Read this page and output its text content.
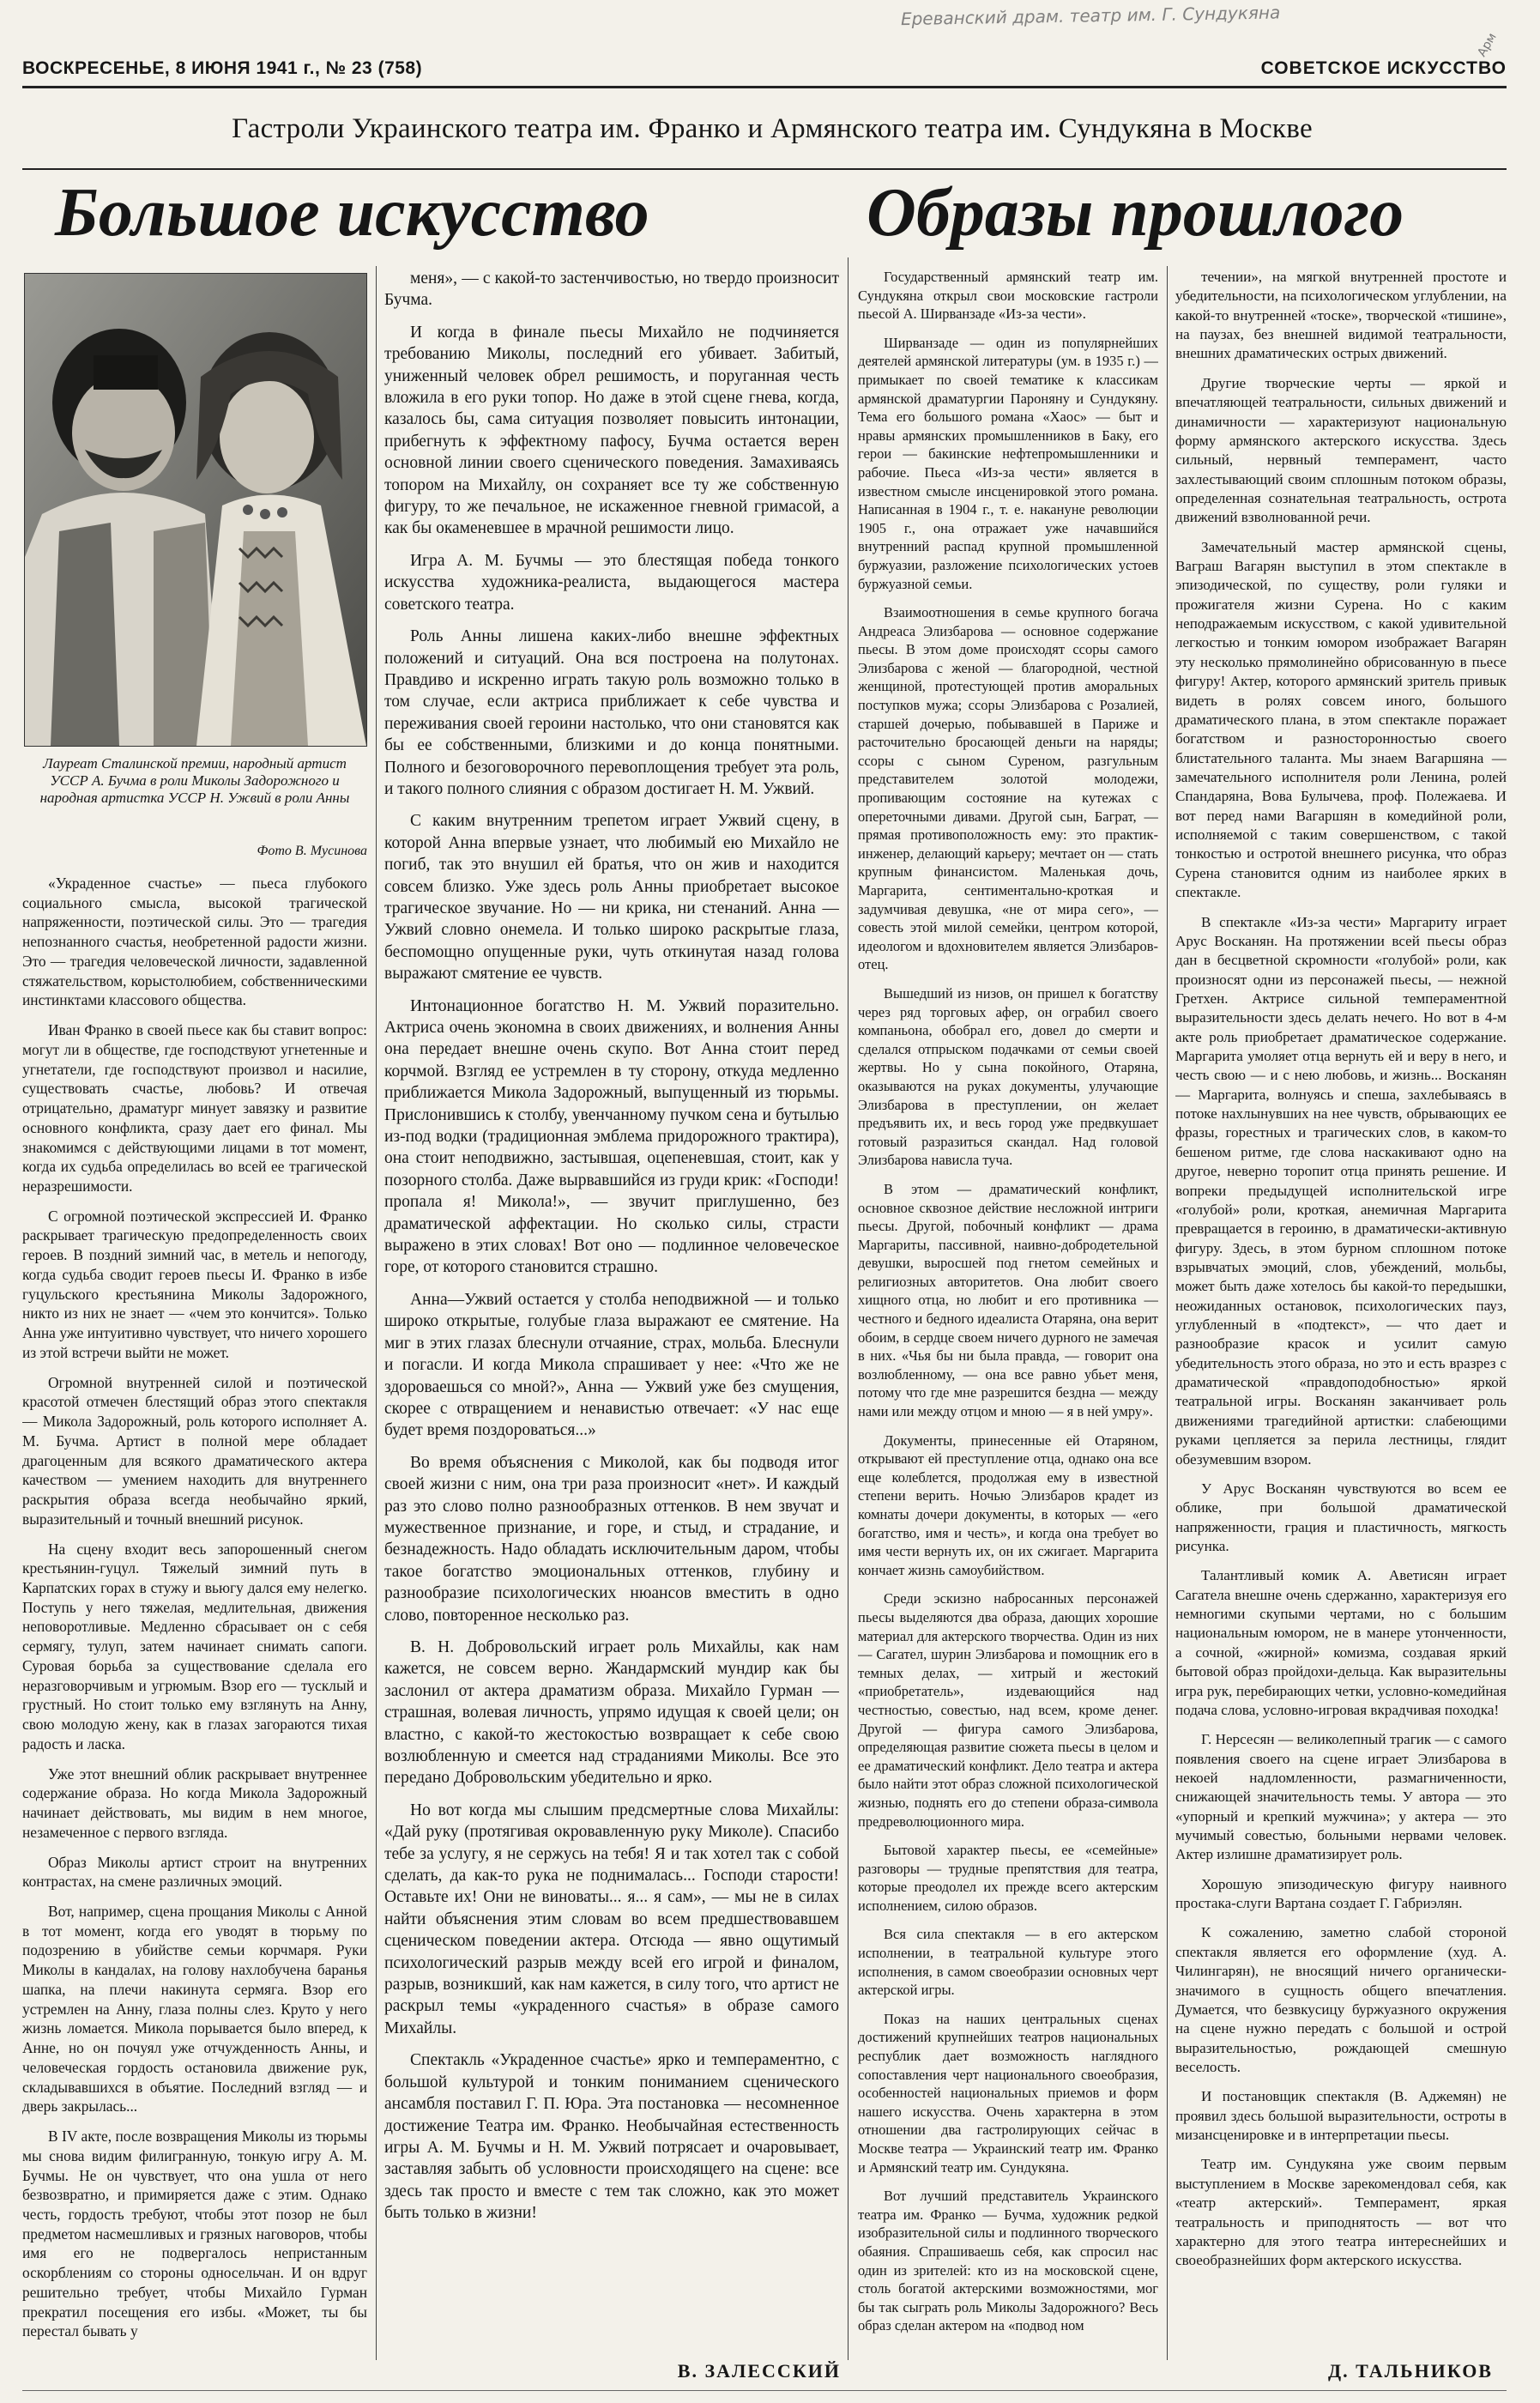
Ереванский драм. театр им. Г. Сундукяна
Арм
ВОСКРЕСЕНЬЕ, 8 ИЮНЯ 1941 г., № 23 (758)	СОВЕТСКОЕ ИСКУССТВО
Гастроли Украинского театра им. Франко и Армянского театра им. Сундукяна в Москве
Большое искусство	Образы прошлого
Лауреат Сталинской премии, народный артист УССР А. Бучма в роли Миколы Задорожного и народная артистка УССР Н. Ужвий в роли Анны
Фото В. Мусинова

«Украденное счастье» — пьеса глубокого социального смысла, высокой трагической напряженности, поэтической силы. Это — трагедия непознанного счастья, необретенной радости жизни. Это — трагедия человеческой личности, задавленной стяжательством, корыстолюбием, собственническими инстинктами классового общества.

Иван Франко в своей пьесе как бы ставит вопрос: могут ли в обществе, где господствуют угнетенные и угнетатели, где господствуют произвол и насилие, существовать счастье, любовь? И отвечая отрицательно, драматург минует завязку и развитие основного конфликта, сразу дает его финал. Мы знакомимся с действующими лицами в тот момент, когда их судьба определилась во всей ее трагической неразрешимости.

С огромной поэтической экспрессией И. Франко раскрывает трагическую предопределенность своих героев. В поздний зимний час, в метель и непогоду, когда судьба сводит героев пьесы И. Франко в избе гуцульского крестьянина Миколы Задорожного, никто из них не знает — «чем это кончится». Только Анна уже интуитивно чувствует, что ничего хорошего из этой встречи выйти не может.

Огромной внутренней силой и поэтической красотой отмечен блестящий образ этого спектакля — Микола Задорожный, роль которого исполняет А. М. Бучма. Артист в полной мере обладает драгоценным для всякого драматического актера качеством — умением находить для внутреннего раскрытия образа всегда необычайно яркий, выразительный и точный внешний рисунок.

На сцену входит весь запорошенный снегом крестьянин-гуцул. Тяжелый зимний путь в Карпатских горах в стужу и вьюгу дался ему нелегко. Поступь у него тяжелая, медлительная, движения неповоротливые. Медленно сбрасывает он с себя сермягу, тулуп, затем начинает снимать сапоги. Суровая борьба за существование сделала его неразговорчивым и угрюмым. Взор его — тусклый и грустный. Но стоит только ему взглянуть на Анну, свою молодую жену, как в глазах загораются тихая радость и ласка.

Уже этот внешний облик раскрывает внутреннее содержание образа. Но когда Микола Задорожный начинает действовать, мы видим в нем многое, незамеченное с первого взгляда.

Образ Миколы артист строит на внутренних контрастах, на смене различных эмоций.

Вот, например, сцена прощания Миколы с Анной в тот момент, когда его уводят в тюрьму по подозрению в убийстве семьи корчмаря. Руки Миколы в кандалах, на голову нахлобучена баранья шапка, на плечи накинута сермяга. Взор его устремлен на Анну, глаза полны слез. Круто у него жизнь ломается. Микола порывается было вперед, к Анне, но он почуял уже отчужденность Анны, и человеческая гордость остановила движение рук, складывавшихся в объятие. Последний взгляд — и дверь закрылась...

В IV акте, после возвращения Миколы из тюрьмы мы снова видим филигранную, тонкую игру А. М. Бучмы. Не он чувствует, что она ушла от него безвозвратно, и примиряется даже с этим. Однако честь, гордость требуют, чтобы этот позор не был предметом насмешливых и грязных наговоров, чтобы имя его не подвергалось непристанным оскорблениям со стороны односельчан. И он вдруг решительно требует, чтобы Михайло Гурман прекратил посещения его избы. «Может, ты бы перестал бывать у

меня», — с какой-то застенчивостью, но твердо произносит Бучма.

И когда в финале пьесы Михайло не подчиняется требованию Миколы, последний его убивает. Забитый, униженный человек обрел решимость, и поруганная честь вложила в его руки топор. Но даже в этой сцене гнева, когда, казалось бы, сама ситуация позволяет повысить интонации, прибегнуть к эффектному пафосу, Бучма остается верен основной линии своего сценического поведения. Замахиваясь топором на Михайлу, он сохраняет все ту же собственную фигуру, то же печальное, не искаженное гневной гримасой, а как бы окаменевшее в мрачной решимости лицо.

Игра А. М. Бучмы — это блестящая победа тонкого искусства художника-реалиста, выдающегося мастера советского театра.

Роль Анны лишена каких-либо внешне эффектных положений и ситуаций. Она вся построена на полутонах. Правдиво и искренно играть такую роль возможно только в том случае, если актриса приближает к себе чувства и переживания своей героини настолько, что они становятся как бы ее собственными, близкими и до конца понятными. Полного и безоговорочного перевоплощения требует эта роль, и такого полного слияния с образом достигает Н. М. Ужвий.

С каким внутренним трепетом играет Ужвий сцену, в которой Анна впервые узнает, что любимый ею Михайло не погиб, так это внушил ей братья, что он жив и находится совсем близко. Уже здесь роль Анны приобретает высокое трагическое звучание. Но — ни крика, ни стенаний. Анна — Ужвий словно онемела. И только широко раскрытые глаза, беспомощно опущенные руки, чуть откинутая назад голова выражают смятение ее чувств.

Интонационное богатство Н. М. Ужвий поразительно. Актриса очень экономна в своих движениях, и волнения Анны она передает внешне очень скупо. Вот Анна стоит перед корчмой. Взгляд ее устремлен в ту сторону, откуда медленно приближается Микола Задорожный, выпущенный из тюрьмы. Прислонившись к столбу, увенчанному пучком сена и бутылью из-под водки (традиционная эмблема придорожного трактира), она стоит неподвижно, застывшая, оцепеневшая, стоит, как у позорного столба. Даже вырвавшийся из груди крик: «Господи! пропала я! Микола!», — звучит приглушенно, без драматической аффектации. Но сколько силы, страсти выражено в этих словах! Вот оно — подлинное человеческое горе, от которого становится страшно.

Анна—Ужвий остается у столба неподвижной — и только широко открытые, голубые глаза выражают ее смятение. На миг в этих глазах блеснули отчаяние, страх, мольба. Блеснули и погасли. И когда Микола спрашивает у нее: «Что же не здороваешься со мной?», Анна — Ужвий уже без смущения, скорее с отвращением и ненавистью отвечает: «У нас еще будет время поздороваться...»

Во время объяснения с Миколой, как бы подводя итог своей жизни с ним, она три раза произносит «нет». И каждый раз это слово полно разнообразных оттенков. В нем звучат и мужественное признание, и горе, и стыд, и страдание, и безнадежность. Надо обладать исключительным даром, чтобы такое богатство эмоциональных оттенков, глубину и разнообразие психологических нюансов вместить в одно слово, повторенное несколько раз.

В. Н. Добровольский играет роль Михайлы, как нам кажется, не совсем верно. Жандармский мундир как бы заслонил от актера драматизм образа. Михайло Гурман — страшная, волевая личность, упрямо идущая к своей цели; он властно, с какой-то жестокостью возвращает к себе свою возлюбленную и смеется над страданиями Миколы. Все это передано Добровольским убедительно и ярко.

Но вот когда мы слышим предсмертные слова Михайлы: «Дай руку (протягивая окровавленную руку Миколе). Спасибо тебе за услугу, я не сержусь на тебя! Я и так хотел так с собой сделать, да как-то рука не поднималась... Господи старости! Оставьте их! Они не виноваты... я... я сам», — мы не в силах найти объяснения этим словам во всем предшествовавшем сценическом поведении актера. Отсюда — явно ощутимый психологический разрыв между всей его игрой и финалом, разрыв, возникший, как нам кажется, в силу того, что артист не раскрыл темы «украденного счастья» в образе самого Михайлы.

Спектакль «Украденное счастье» ярко и темпераментно, с большой культурой и тонким пониманием сценического ансамбля поставил Г. П. Юра. Эта постановка — несомненное достижение Театра им. Франко. Необычайная естественность игры А. М. Бучмы и Н. М. Ужвий потрясает и очаровывает, заставляя забыть об условности происходящего на сцене: все здесь так просто и вместе с тем так сложно, как это может быть только в жизни!

Государственный армянский театр им. Сундукяна открыл свои московские гастроли пьесой А. Ширванзаде «Из-за чести».

Ширванзаде — один из популярнейших деятелей армянской литературы (ум. в 1935 г.) — примыкает по своей тематике к классикам армянской драматургии Пароняну и Сундукяну. Тема его большого романа «Хаос» — быт и нравы армянских промышленников в Баку, его герои — бакинские нефтепромышленники и рабочие. Пьеса «Из-за чести» является в известном смысле инсценировкой этого романа. Написанная в 1904 г., т. е. накануне революции 1905 г., она отражает уже начавшийся внутренний распад крупной промышленной буржуазии, разложение психологических устоев буржуазной семьи.

Взаимоотношения в семье крупного богача Андреаса Элизбарова — основное содержание пьесы. В этом доме происходят ссоры самого Элизбарова с женой — благородной, честной женщиной, протестующей против аморальных поступков мужа; ссоры Элизбарова с Розалией, старшей дочерью, побывавшей в Париже и расточительно бросающей деньги на наряды; ссоры с сыном Суреном, разгульным представителем золотой молодежи, пропивающим состояние на кутежах с опереточными дивами. Другой сын, Баграт, — прямая противоположность ему: это практик-инженер, делающий карьеру; мечтает он — стать крупным финансистом. Маленькая дочь, Маргарита, сентиментально-кроткая и задумчивая девушка, «не от мира сего», — совесть этой милой семейки, центром которой, идеологом и вдохновителем является Элизбаров-отец.

Вышедший из низов, он пришел к богатству через ряд торговых афер, он ограбил своего компаньона, обобрал его, довел до смерти и сделался отпрыском подачками от семьи своей жертвы. Но у сына покойного, Отаряна, оказываются на руках документы, улучающие Элизбарова в преступлении, он желает предъявить их, и весь город уже предвкушает готовый разразиться скандал. Над головой Элизбарова нависла туча.

В этом — драматический конфликт, основное сквозное действие несложной интриги пьесы. Другой, побочный конфликт — драма Маргариты, пассивной, наивно-добродетельной девушки, выросшей под гнетом семейных и религиозных авторитетов. Она любит своего хищного отца, но любит и его противника — честного и бедного идеалиста Отаряна, она верит обоим, в сердце своем ничего дурного не замечая в них. «Чья бы ни была правда, — говорит она возлюбленному, — она все равно убьет меня, потому что где мне разрешится бездна — между нами или между отцом и мною — я в ней умру».

Документы, принесенные ей Отаряном, открывают ей преступление отца, однако она все еще колеблется, продолжая ему в известной степени верить. Ночью Элизбаров крадет из комнаты дочери документы, в которых — «его богатство, имя и честь», и когда она требует во имя чести вернуть их, он их сжигает. Маргарита кончает жизнь самоубийством.

Среди эскизно набросанных персонажей пьесы выделяются два образа, дающих хорошие материал для актерского творчества. Один из них — Сагател, шурин Элизбарова и помощник его в темных делах, — хитрый и жестокий «приобретатель», издевающийся над честностью, совестью, над всем, кроме денег. Другой — фигура самого Элизбарова, определяющая развитие сюжета пьесы в целом и ее драматический конфликт. Дело театра и актера было найти этот образ сложной психологической жизнью, поднять его до степени образа-символа предреволюционного мира.

Бытовой характер пьесы, ее «семейные» разговоры — трудные препятствия для театра, которые преодолел их прежде всего актерским исполнением, силою образов.

Вся сила спектакля — в его актерском исполнении, в театральной культуре этого исполнения, в самом своеобразии основных черт актерской игры.

Показ на наших центральных сценах достижений крупнейших театров национальных республик дает возможность наглядного сопоставления черт национального своеобразия, особенностей национальных приемов и форм нашего искусства. Очень характерна в этом отношении два гастролирующих сейчас в Москве театра — Украинский театр им. Франко и Армянский театр им. Сундукяна.

Вот лучший представитель Украинского театра им. Франко — Бучма, художник редкой изобразительной силы и подлинного творческого обаяния. Спрашиваешь себя, как спросил нас один из зрителей: кто из на московской сцене, столь богатой актерскими возможностями, мог бы так сыграть роль Миколы Задорожного? Весь образ сделан актером на «подвод ном

течении», на мягкой внутренней простоте и убедительности, на психологическом углублении, на какой-то внутренней «тоске», творческой «тишине», на паузах, без внешней видимой театральности, внешних драматических острых движений.

Другие творческие черты — яркой и впечатляющей театральности, сильных движений и динамичности — характеризуют национальную форму армянского актерского искусства. Здесь сильный, нервный темперамент, часто захлестывающий своим сплошным потоком образы, определенная сознательная театральность, острота движений взволнованной речи.

Замечательный мастер армянской сцены, Ваграш Вагарян выступил в этом спектакле в эпизодической, по существу, роли гуляки и прожигателя жизни Сурена. Но с каким неподражаемым искусством, с какой удивительной легкостью и тонким юмором изображает Вагарян эту несколько прямолинейно обрисованную в пьесе фигуру! Актер, которого армянский зритель привык видеть в ролях совсем иного, большого драматического плана, в этом спектакле поражает богатством и разносторонностью своего блистательного таланта. Мы знаем Вагаршяна — замечательного исполнителя роли Ленина, ролей Спандаряна, Вова Булычева, проф. Полежаева. И вот перед нами Вагаршян в комедийной роли, исполняемой с таким совершенством, с такой тонкостью и остротой внешнего рисунка, что образ Сурена становится одним из наиболее ярких в спектакле.

В спектакле «Из-за чести» Маргариту играет Арус Восканян. На протяжении всей пьесы образ дан в бесцветной скромности «голубой» роли, как произносят одни из персонажей пьесы, — нежной Гретхен. Актрисе сильной темпераментной выразительности здесь делать нечего. Но вот в 4-м акте роль приобретает драматическое содержание. Маргарита умоляет отца вернуть ей и веру в него, и честь свою — и с нею любовь, и жизнь... Восканян — Маргарита, волнуясь и спеша, захлебываясь в потоке нахлынувших на нее чувств, обрывающих ее фразы, горестных и трагических слов, в каком-то бешеном ритме, где слова наскакивают одно на другое, неверно торопит отца принять решение. И вопреки предыдущей исполнительской игре «голубой» роли, кроткая, анемичная Маргарита превращается в героиню, в драматически-активную фигуру. Здесь, в этом бурном сплошном потоке взрывчатых эмоций, слов, убеждений, мольбы, может быть даже хотелось бы какой-то передышки, неожиданных остановок, психологических пауз, углубленный в «подтекст», — что дает и разнообразие красок и усилит самую убедительность этого образа, но это и есть вразрез с драматической «правдоподобностью» яркой театральной игры. Восканян заканчивает роль движениями трагедийной артистки: слабеющими руками цепляется за перила лестницы, глядит обезумевшим взором.

У Арус Восканян чувствуются во всем ее облике, при большой драматической напряженности, грация и пластичность, мягкость рисунка.

Талантливый комик А. Аветисян играет Сагатела внешне очень сдержанно, характеризуя его немногими скупыми чертами, но с большим национальным юмором, не в манере утонченности, а сочной, «жирной» комизма, создавая яркий бытовой образ пройдохи-дельца. Как выразительны игра рук, перебирающих четки, условно-комедийная подача слова, условно-игровая вкрадчивая походка!

Г. Нерсесян — великолепный трагик — с самого появления своего на сцене играет Элизбарова в некоей надломленности, размагниченности, снижающей значительность темы. У автора — это «упорный и крепкий мужчина»; у актера — это мучимый совестью, больными нервами человек. Актер излишне драматизирует роль.

Хорошую эпизодическую фигуру наивного простака-слуги Вартана создает Г. Габриэлян.

К сожалению, заметно слабой стороной спектакля является его оформление (худ. А. Чилингарян), не вносящий ничего органически-значимого в сущность общего впечатления. Думается, что безвкусицу буржуазного окружения на сцене нужно передать с большой и острой выразительностью, рождающей смешную веселость.

И постановщик спектакля (В. Аджемян) не проявил здесь большой выразительности, остроты в мизансценировке и в интерпретации пьесы.

Театр им. Сундукяна уже своим первым выступлением в Москве зарекомендовал себя, как «театр актерский». Темперамент, яркая театральность и приподнятость — вот что характерно для этого театра интереснейших и своеобразнейших форм актерского искусства.

В. ЗАЛЕССКИЙ	Д. ТАЛЬНИКОВ
